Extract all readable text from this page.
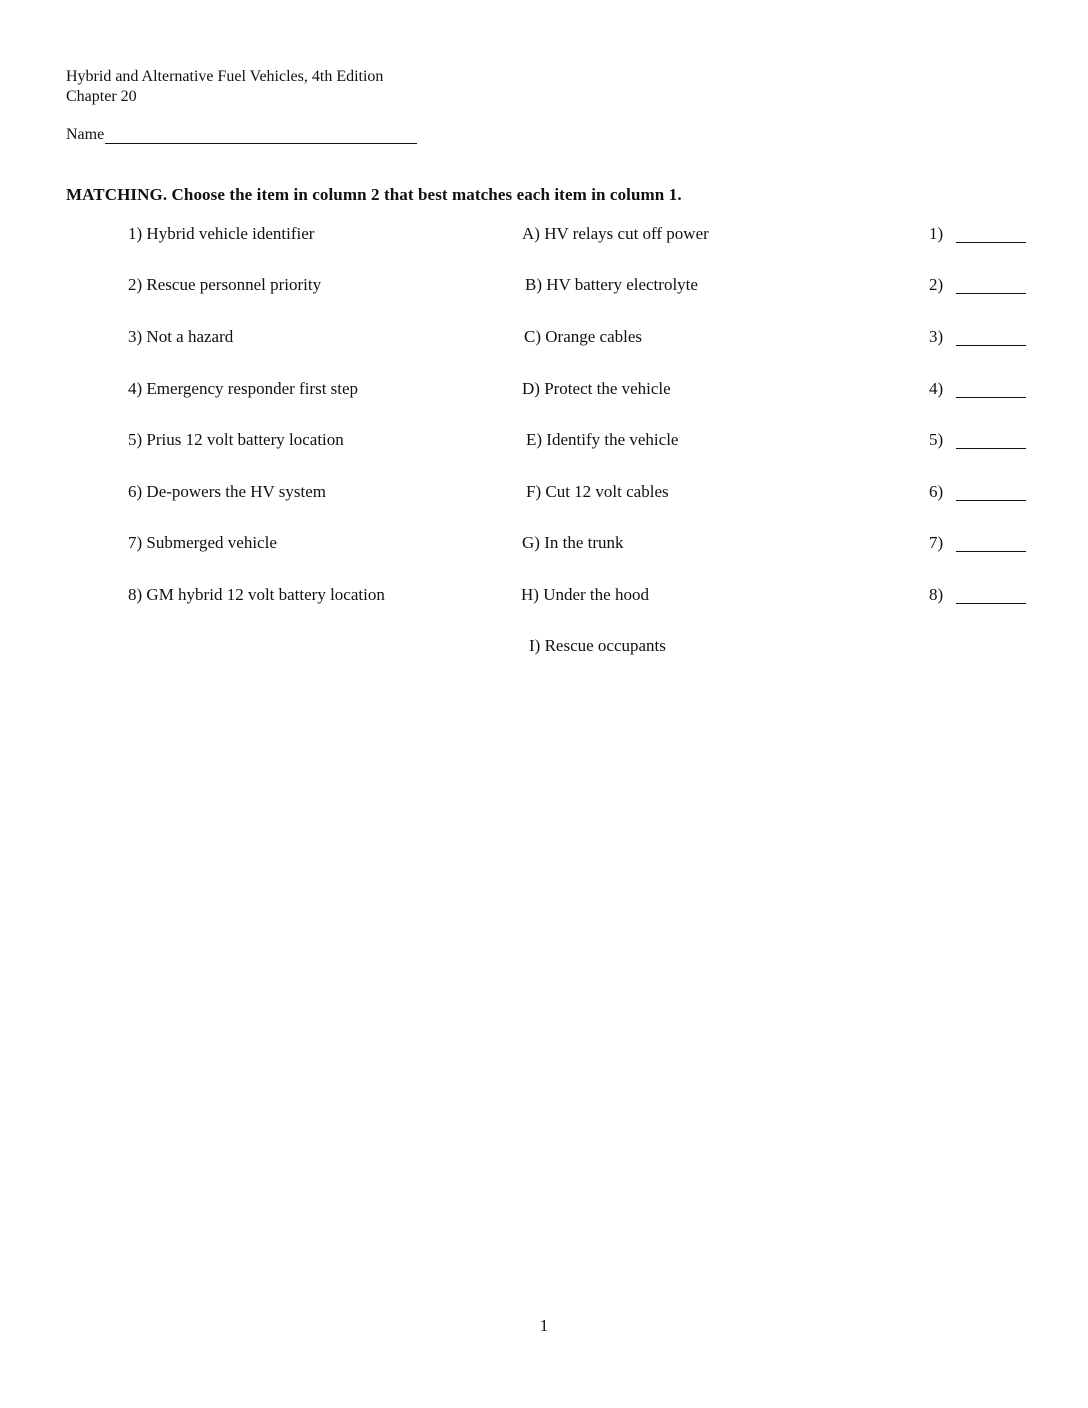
Hybrid and Alternative Fuel Vehicles, 4th Edition
Chapter 20
Name
MATCHING. Choose the item in column 2 that best matches each item in column 1.
1) Hybrid vehicle identifier	A) HV relays cut off power	1)
2) Rescue personnel priority	B) HV battery electrolyte	2)
3) Not a hazard	C) Orange cables	3)
4) Emergency responder first step	D) Protect the vehicle	4)
5) Prius 12 volt battery location	E) Identify the vehicle	5)
6) De-powers the HV system	F) Cut 12 volt cables	6)
7) Submerged vehicle	G) In the trunk	7)
8) GM hybrid 12 volt battery location	H) Under the hood	8)
I) Rescue occupants
1
